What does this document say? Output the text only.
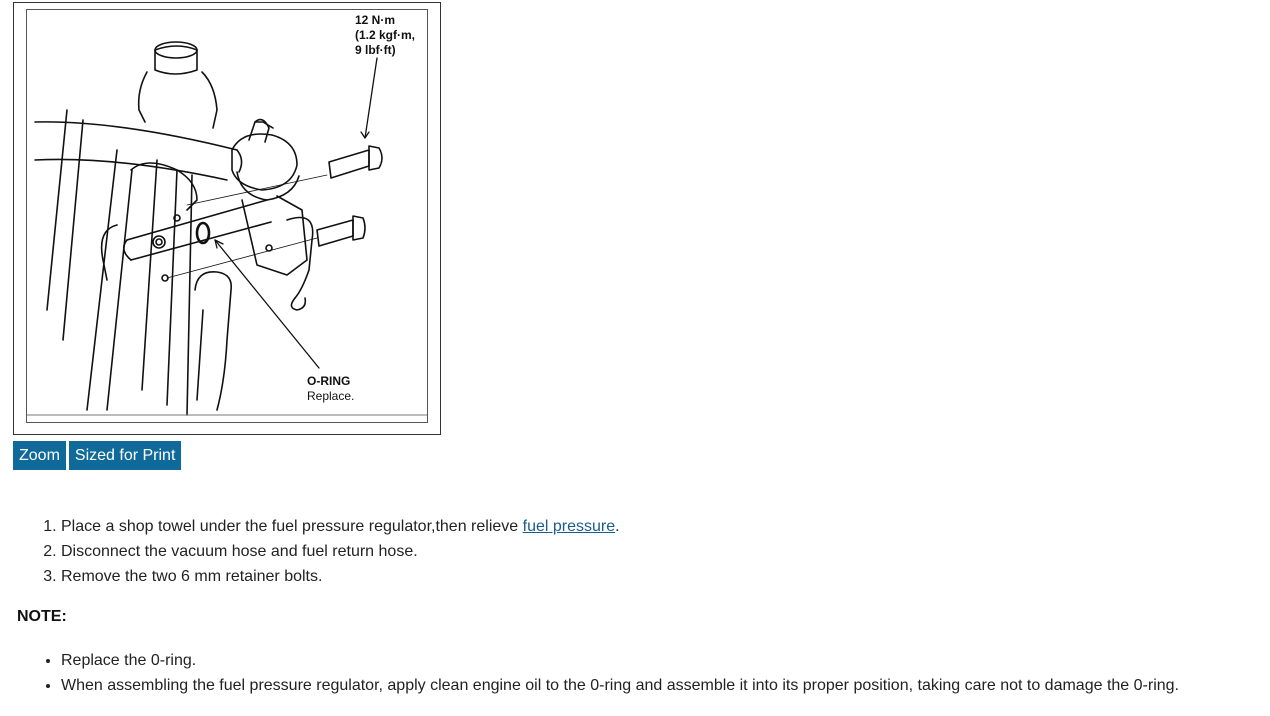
12 N·m
(1.2 kgf·m,
9 lbf·ft)
O-RING
Replace.
Zoom Sized for Print
1. Place a shop towel under the fuel pressure regulator,then relieve fuel pressure.
2. Disconnect the vacuum hose and fuel return hose.
3. Remove the two 6 mm retainer bolts.
NOTE:
• Replace the 0-ring.
• When assembling the fuel pressure regulator, apply clean engine oil to the 0-ring and assemble it into its proper position, taking care not to damage the 0-ring.
